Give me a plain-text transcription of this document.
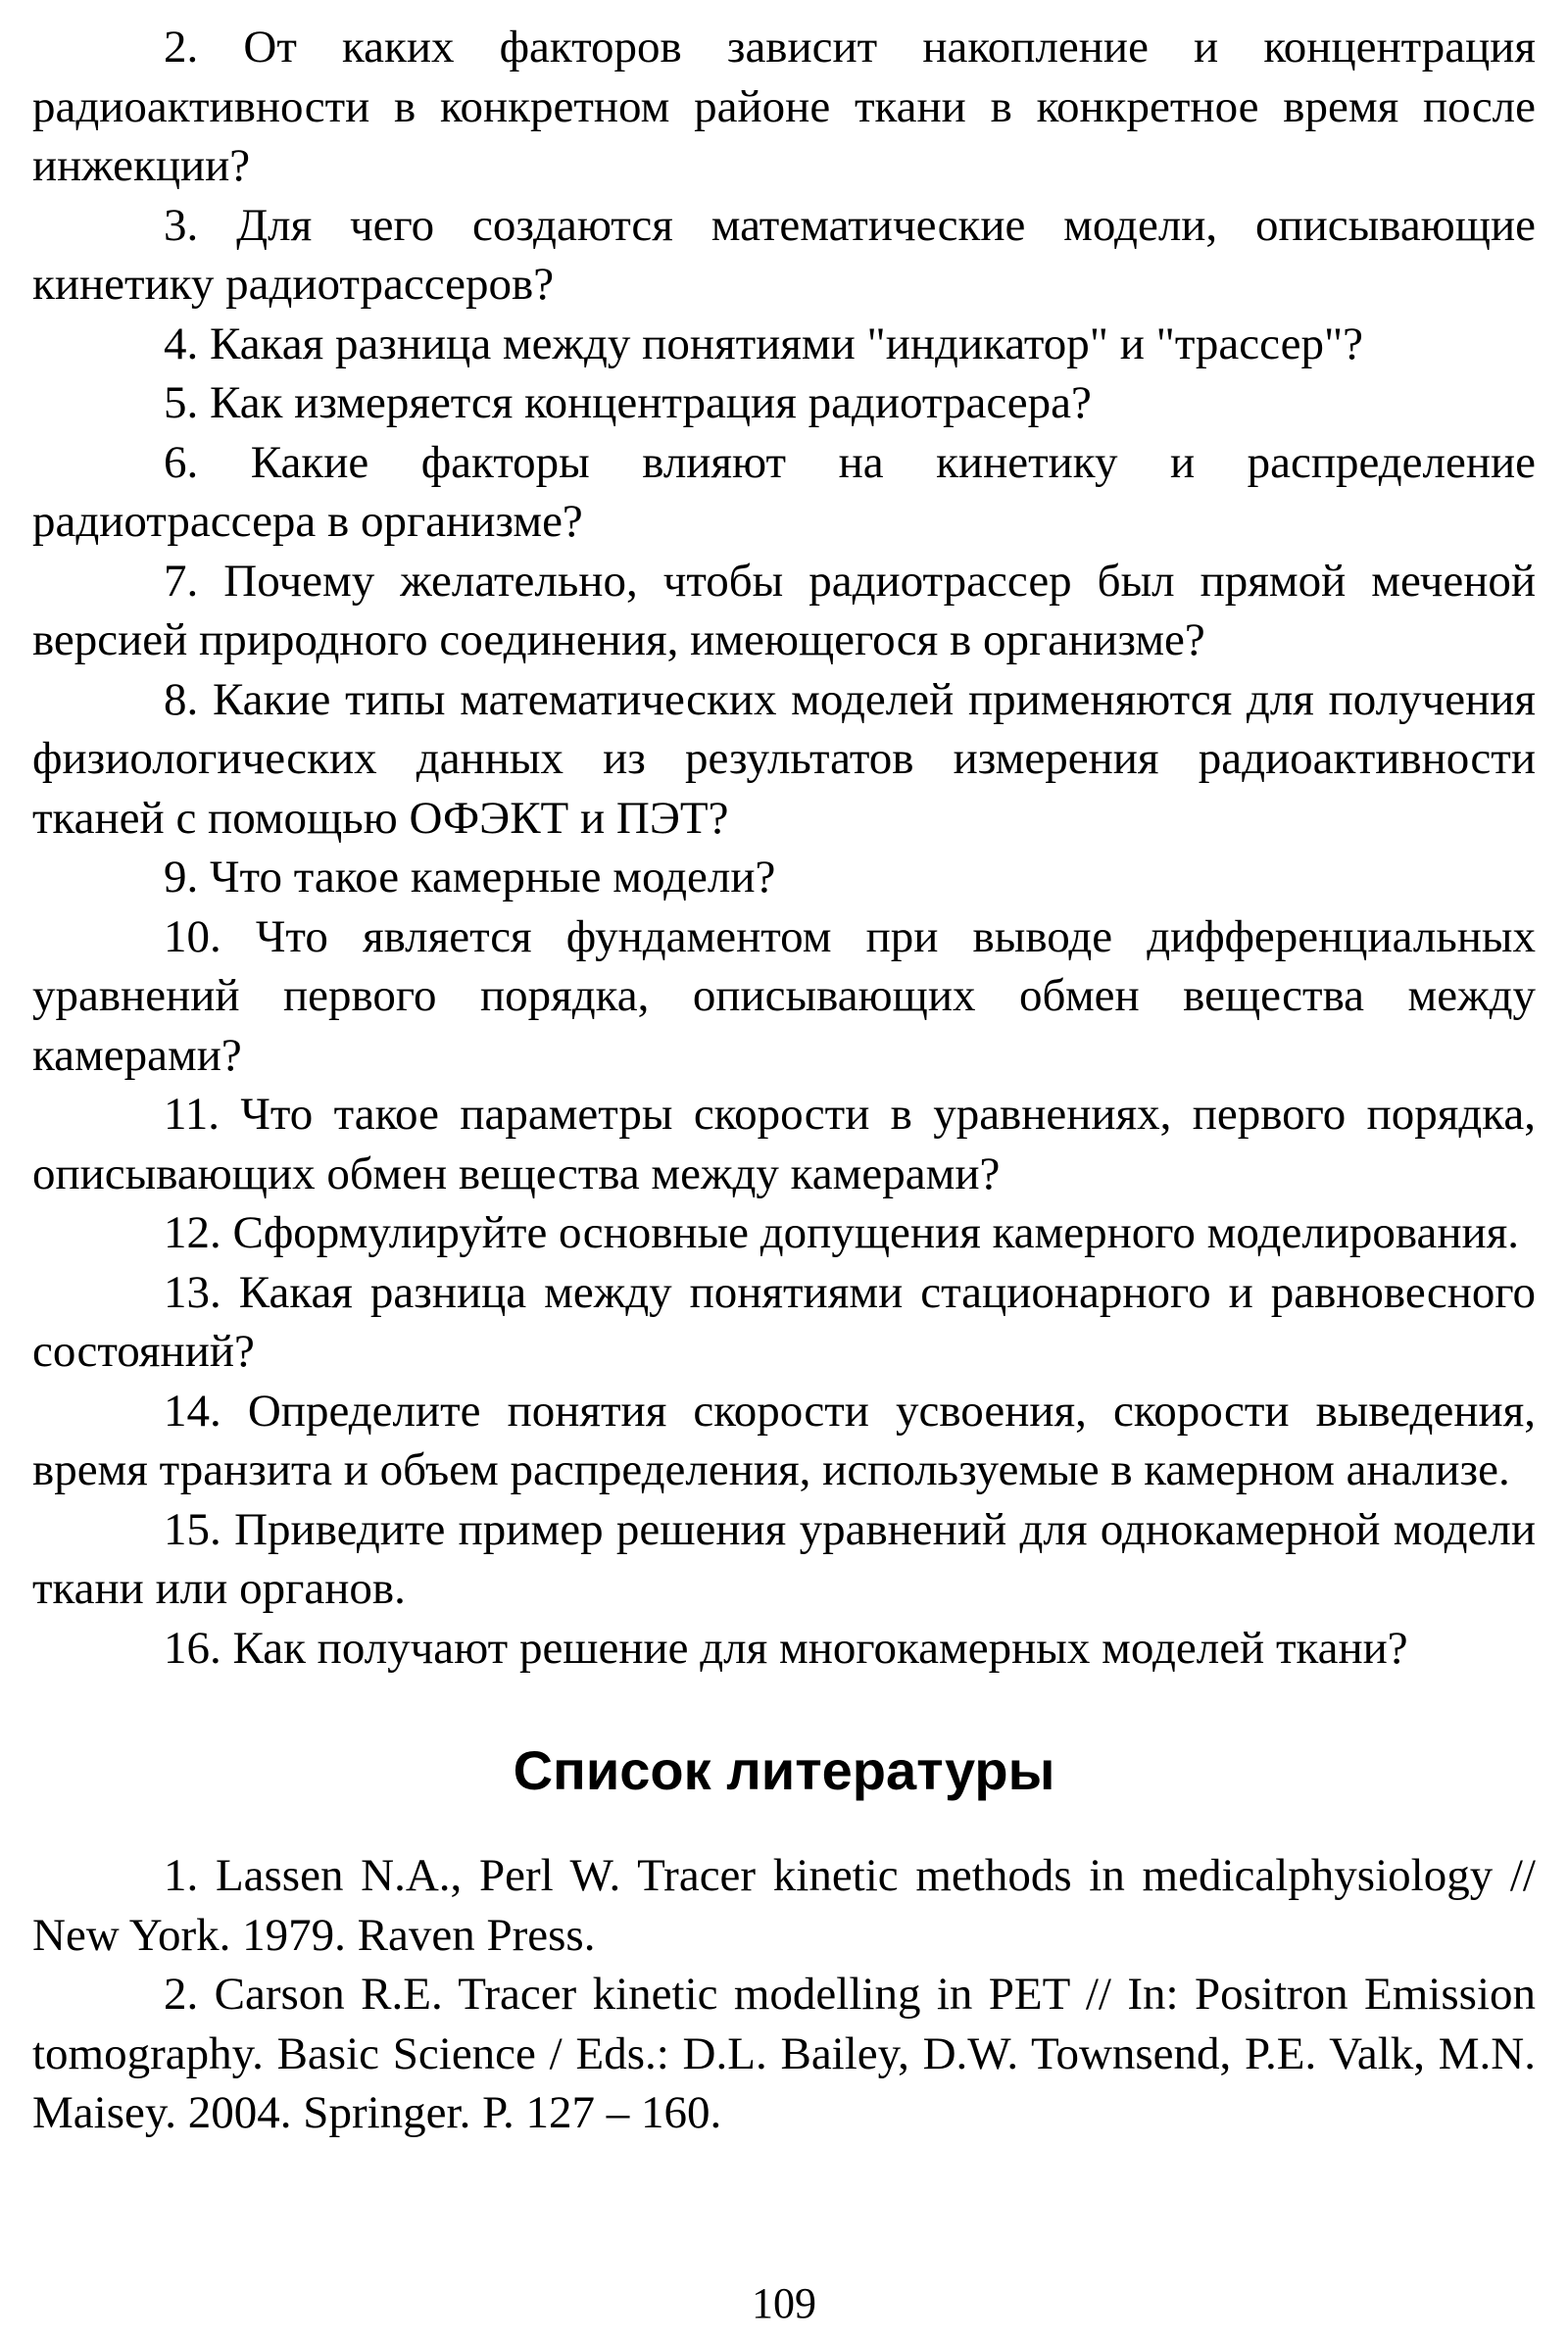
2. От каких факторов зависит накопление и концентрация радиоактивности в конкретном районе ткани в конкретное время после инжекции?

3. Для чего создаются математические модели, описывающие кинетику радиотрассеров?

4. Какая разница между понятиями "индикатор" и "трассер"?

5. Как измеряется концентрация радиотрасера?

6. Какие факторы влияют на кинетику и распределение радиотрассера в организме?

7. Почему желательно, чтобы радиотрассер был прямой меченой версией природного соединения, имеющегося в организме?

8. Какие типы математических моделей применяются для получения физиологических данных из результатов измерения радиоактивности тканей с помощью ОФЭКТ и ПЭТ?

9. Что такое камерные модели?

10. Что является фундаментом при выводе дифференциальных уравнений первого порядка, описывающих обмен вещества между камерами?

11. Что такое параметры скорости в уравнениях, первого порядка, описывающих обмен вещества между камерами?

12. Сформулируйте основные допущения камерного моделирования.

13. Какая разница между понятиями стационарного и равновесного состояний?

14. Определите понятия скорости усвоения, скорости выведения, время транзита и объем распределения, используемые в камерном анализе.

15. Приведите пример решения уравнений для однокамерной модели ткани или органов.

16. Как получают решение для многокамерных моделей ткани?

Список литературы

1. Lassen N.A., Perl W. Tracer kinetic methods in medicalphysiology // New York. 1979. Raven Press.

2. Carson R.E. Tracer kinetic modelling in PET // In: Positron Emission tomography. Basic Science / Eds.: D.L. Bailey, D.W. Townsend, P.E. Valk, M.N. Maisey. 2004. Springer. P. 127 – 160.

109
